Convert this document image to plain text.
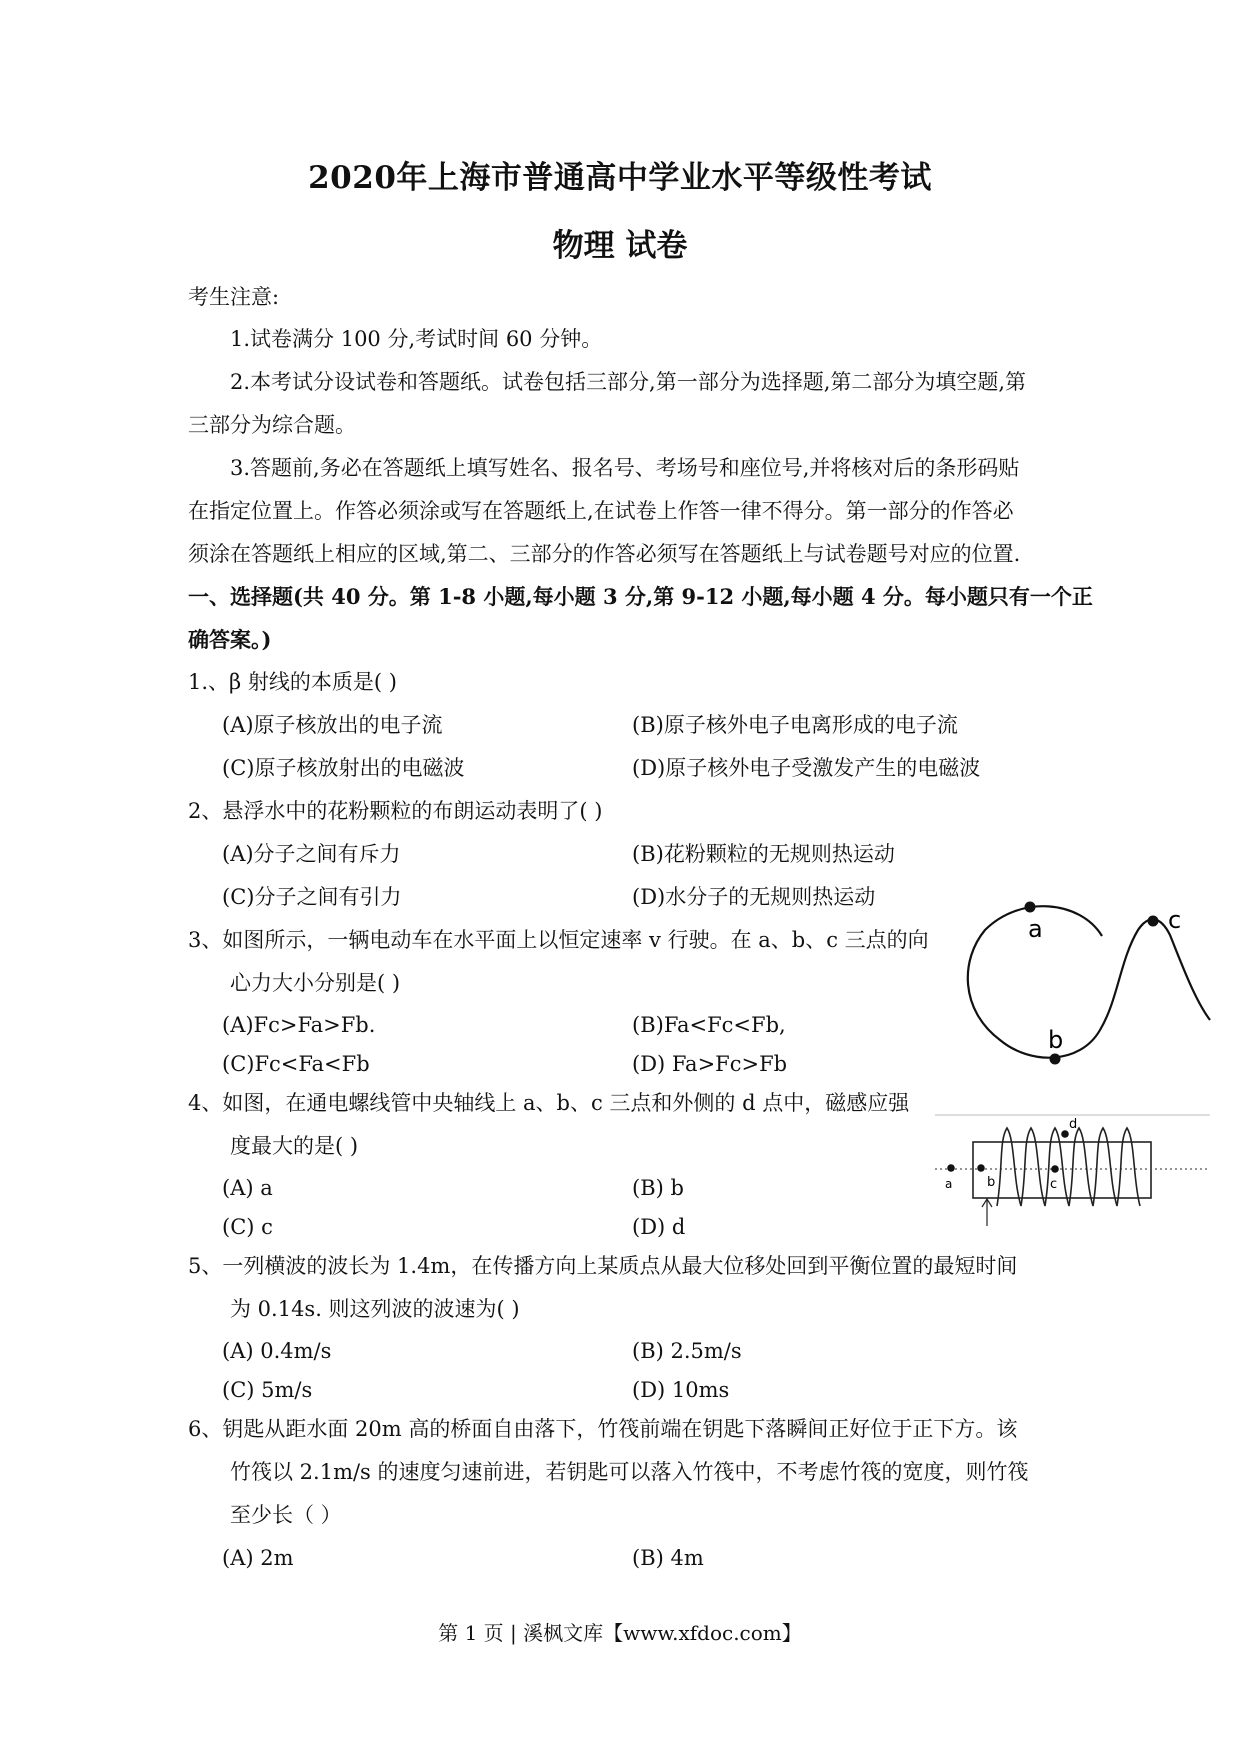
2020年上海市普通高中学业水平等级性考试
物理 试卷
考生注意:
1.试卷满分 100 分,考试时间 60 分钟。
2.本考试分设试卷和答题纸。试卷包括三部分,第一部分为选择题,第二部分为填空题,第
三部分为综合题。
3.答题前,务必在答题纸上填写姓名、报名号、考场号和座位号,并将核对后的条形码贴
在指定位置上。作答必须涂或写在答题纸上,在试卷上作答一律不得分。第一部分的作答必
须涂在答题纸上相应的区域,第二、三部分的作答必须写在答题纸上与试卷题号对应的位置.
一、选择题(共 40 分。第 1-8 小题,每小题 3 分,第 9-12 小题,每小题 4 分。每小题只有一个正
确答案。)
1.、β 射线的本质是( )
(A)原子核放出的电子流	(B)原子核外电子电离形成的电子流
(C)原子核放射出的电磁波	(D)原子核外电子受激发产生的电磁波
2、悬浮水中的花粉颗粒的布朗运动表明了( )
(A)分子之间有斥力	(B)花粉颗粒的无规则热运动
(C)分子之间有引力	(D)水分子的无规则热运动
3、如图所示，一辆电动车在水平面上以恒定速率 v 行驶。在 a、b、c 三点的向
心力大小分别是( )
(A)Fc>Fa>Fb.	(B)Fa<Fc<Fb,
(C)Fc<Fa<Fb	(D) Fa>Fc>Fb
4、如图，在通电螺线管中央轴线上 a、b、c 三点和外侧的 d 点中，磁感应强
度最大的是( )
(A) a	(B) b
(C) c	(D) d
5、一列横波的波长为 1.4m，在传播方向上某质点从最大位移处回到平衡位置的最短时间
为 0.14s. 则这列波的波速为( )
(A) 0.4m/s	(B) 2.5m/s
(C) 5m/s	(D) 10ms
6、钥匙从距水面 20m 高的桥面自由落下，竹筏前端在钥匙下落瞬间正好位于正下方。该
竹筏以 2.1m/s 的速度匀速前进，若钥匙可以落入竹筏中，不考虑竹筏的宽度，则竹筏
至少长（ ）
(A) 2m	(B) 4m
a
b
c
a	b	c
d
第 1 页 | 溪枫文库【www.xfdoc.com】
